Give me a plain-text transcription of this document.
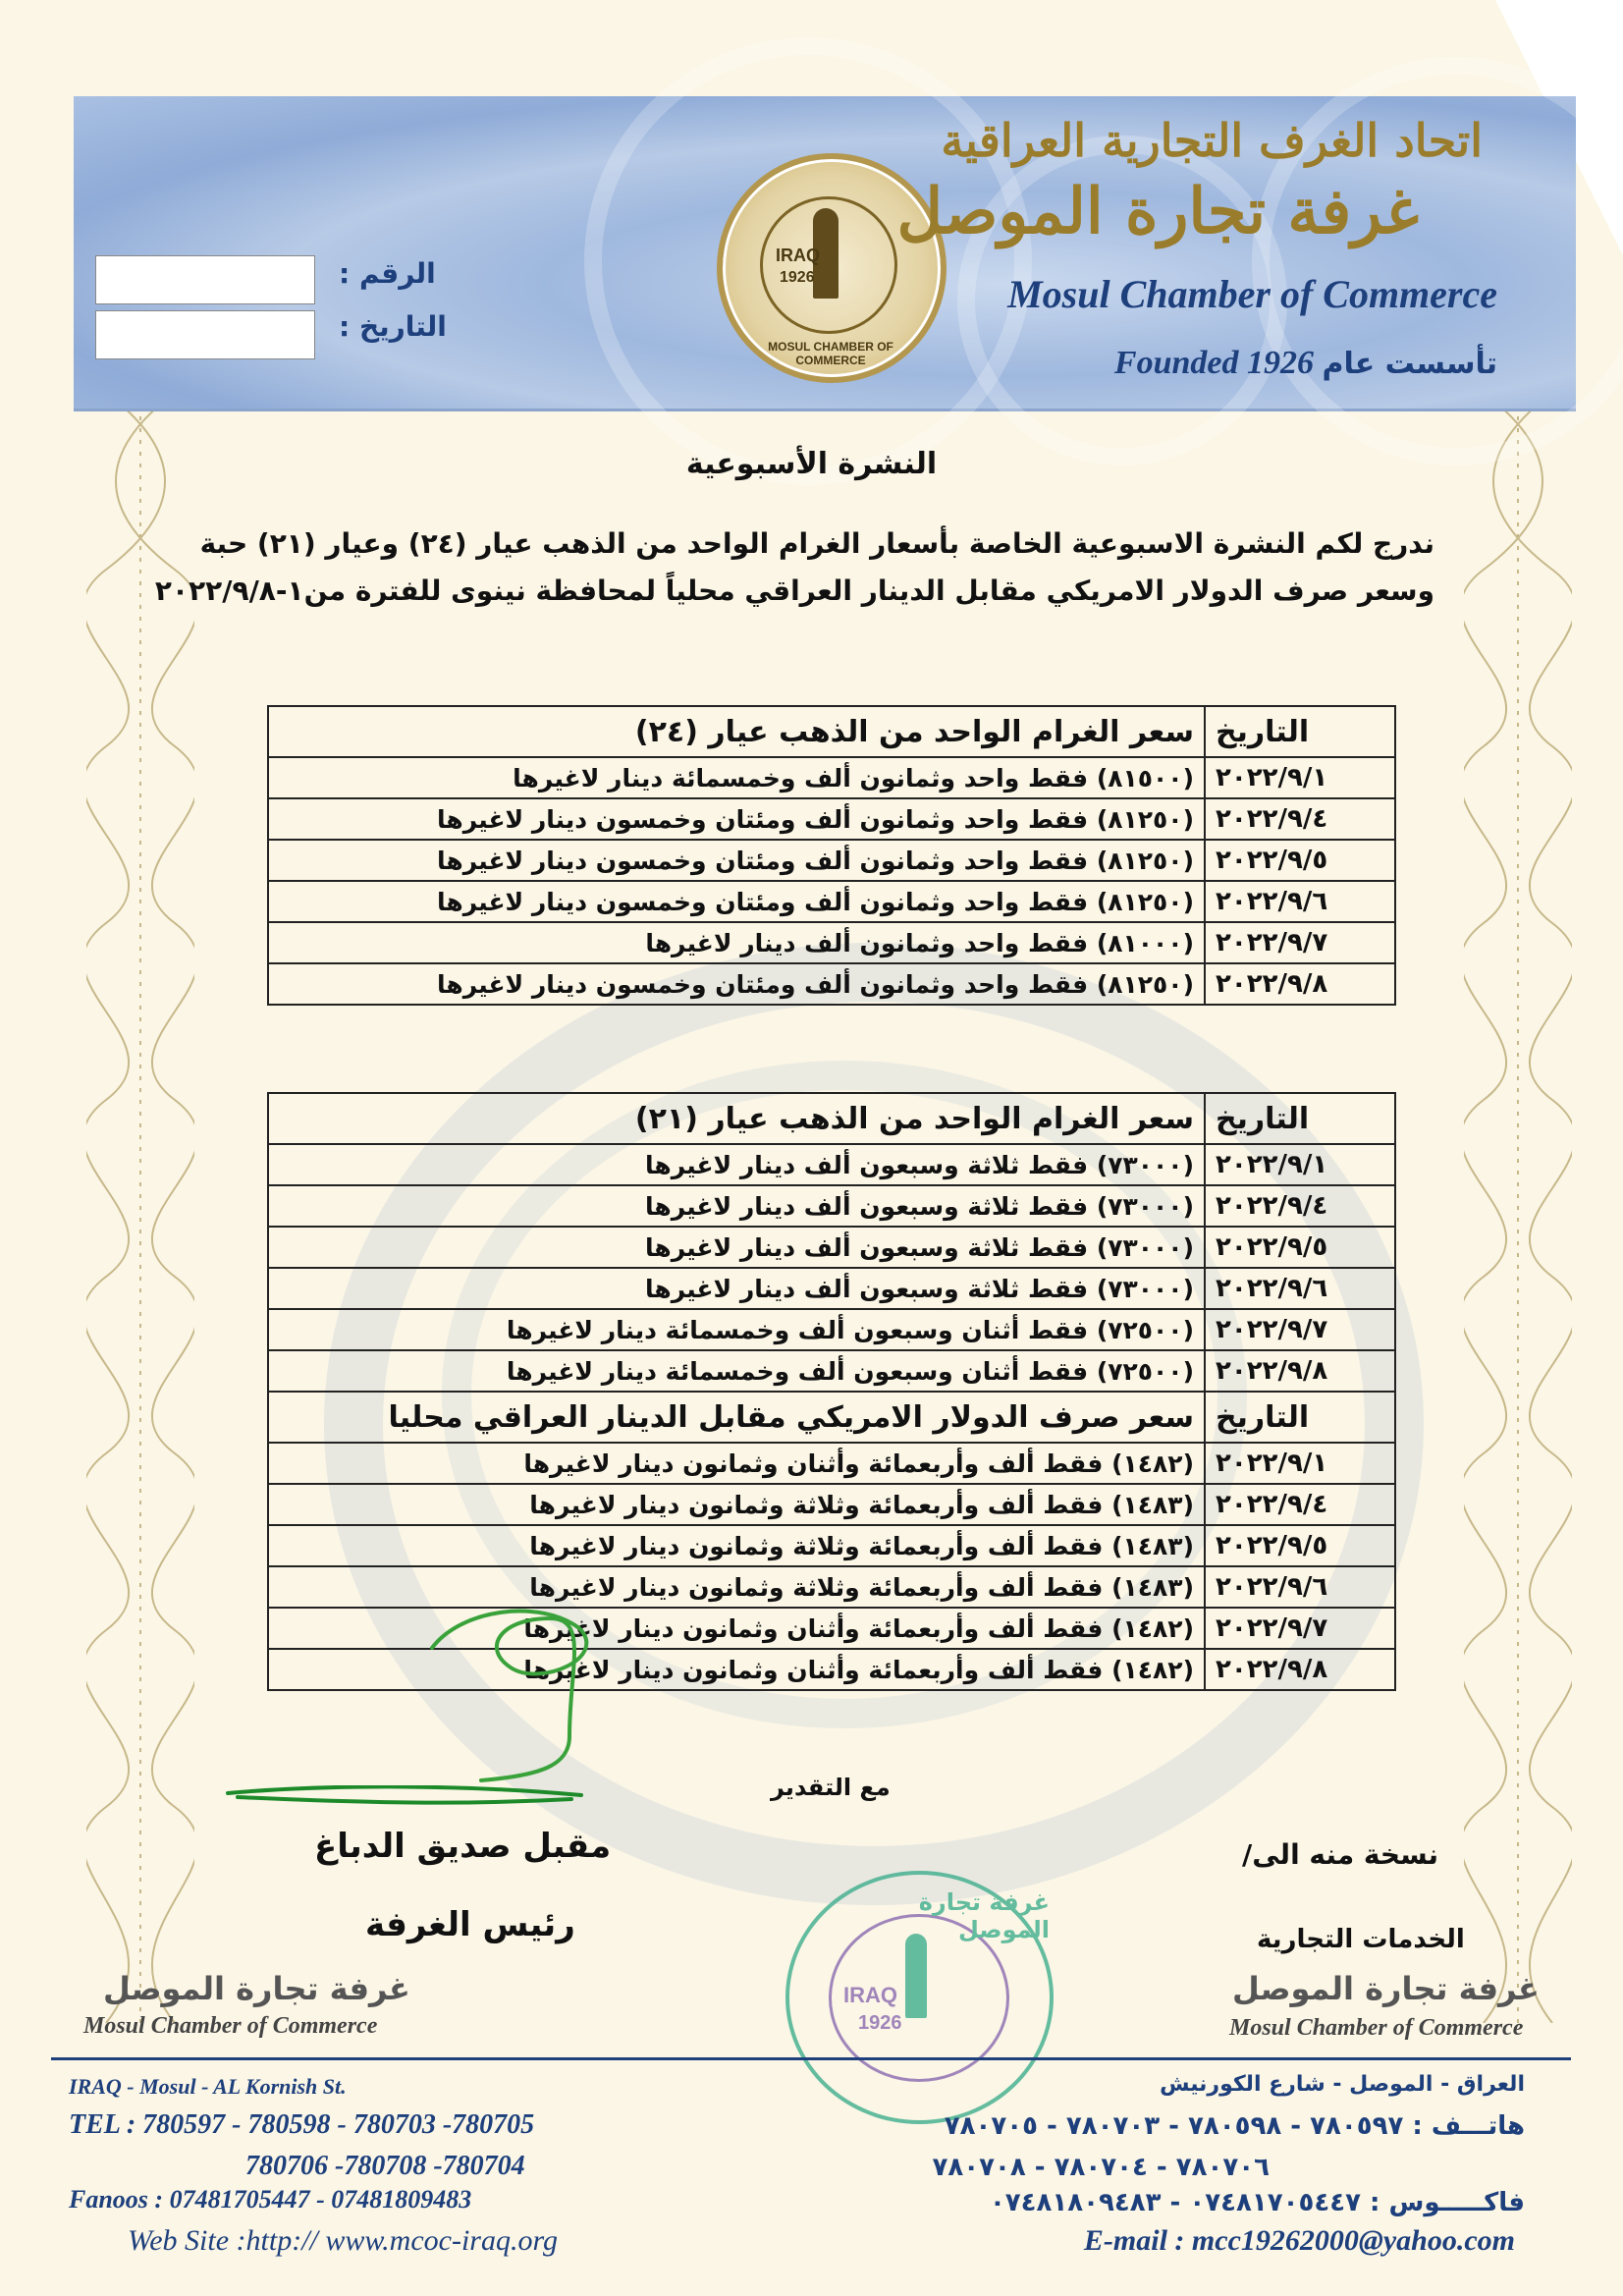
الرقم :
التاريخ :
IRAQ
1926
MOSUL CHAMBER OF COMMERCE
اتحاد الغرف التجارية العراقية
غرفة تجارة الموصل
Mosul Chamber of Commerce
Founded 1926 تأسست عام
النشرة الأسبوعية
ندرج لكم النشرة الاسبوعية الخاصة بأسعار الغرام الواحد من الذهب عيار (٢٤) وعيار (٢١) حبة
وسعر صرف الدولار الامريكي مقابل الدينار العراقي محلياً لمحافظة نينوى للفترة من١-٢٠٢٢/٩/٨
التاريخ	سعر الغرام الواحد من الذهب عيار (٢٤)
٢٠٢٢/٩/١	(٨١٥٠٠) فقط واحد وثمانون ألف وخمسمائة دينار لاغيرها
٢٠٢٢/٩/٤	(٨١٢٥٠) فقط واحد وثمانون ألف ومئتان وخمسون دينار لاغيرها
٢٠٢٢/٩/٥	(٨١٢٥٠) فقط واحد وثمانون ألف ومئتان وخمسون دينار لاغيرها
٢٠٢٢/٩/٦	(٨١٢٥٠) فقط واحد وثمانون ألف ومئتان وخمسون دينار لاغيرها
٢٠٢٢/٩/٧	(٨١٠٠٠) فقط واحد وثمانون ألف دينار لاغيرها
٢٠٢٢/٩/٨	(٨١٢٥٠) فقط واحد وثمانون ألف ومئتان وخمسون دينار لاغيرها
التاريخ	سعر الغرام الواحد من الذهب عيار (٢١)
٢٠٢٢/٩/١	(٧٣٠٠٠) فقط ثلاثة وسبعون ألف دينار لاغيرها
٢٠٢٢/٩/٤	(٧٣٠٠٠) فقط ثلاثة وسبعون ألف دينار لاغيرها
٢٠٢٢/٩/٥	(٧٣٠٠٠) فقط ثلاثة وسبعون ألف دينار لاغيرها
٢٠٢٢/٩/٦	(٧٣٠٠٠) فقط ثلاثة وسبعون ألف دينار لاغيرها
٢٠٢٢/٩/٧	(٧٢٥٠٠) فقط أثنان وسبعون ألف وخمسمائة دينار لاغيرها
٢٠٢٢/٩/٨	(٧٢٥٠٠) فقط أثنان وسبعون ألف وخمسمائة دينار لاغيرها
التاريخ	سعر صرف الدولار الامريكي مقابل الدينار العراقي محليا
٢٠٢٢/٩/١	(١٤٨٢) فقط ألف وأربعمائة وأثنان وثمانون دينار لاغيرها
٢٠٢٢/٩/٤	(١٤٨٣) فقط ألف وأربعمائة وثلاثة وثمانون دينار لاغيرها
٢٠٢٢/٩/٥	(١٤٨٣) فقط ألف وأربعمائة وثلاثة وثمانون دينار لاغيرها
٢٠٢٢/٩/٦	(١٤٨٣) فقط ألف وأربعمائة وثلاثة وثمانون دينار لاغيرها
٢٠٢٢/٩/٧	(١٤٨٢) فقط ألف وأربعمائة وأثنان وثمانون دينار لاغيرها
٢٠٢٢/٩/٨	(١٤٨٢) فقط ألف وأربعمائة وأثنان وثمانون دينار لاغيرها
مع التقدير
مقبل صديق الدباغ
رئيس الغرفة
غرفة تجارة الموصل
Mosul Chamber of Commerce
نسخة منه الى/
الخدمات التجارية
غرفة تجارة الموصل
Mosul Chamber of Commerce
غرفة تجارة الموصل
IRAQ
1926
IRAQ - Mosul - AL Kornish St.
TEL : 780597 - 780598 - 780703 -780705
780706 -780708 -780704
Fanoos : 07481705447 - 07481809483
Web Site :http:// www.mcoc-iraq.org
العراق - الموصل - شارع الكورنيش
هاتـــف : ٧٨٠٥٩٧ - ٧٨٠٥٩٨ - ٧٨٠٧٠٣ - ٧٨٠٧٠٥
٧٨٠٧٠٦ - ٧٨٠٧٠٤ - ٧٨٠٧٠٨
فاكـــــوس : ٠٧٤٨١٧٠٥٤٤٧ - ٠٧٤٨١٨٠٩٤٨٣
E-mail : mcc19262000@yahoo.com
